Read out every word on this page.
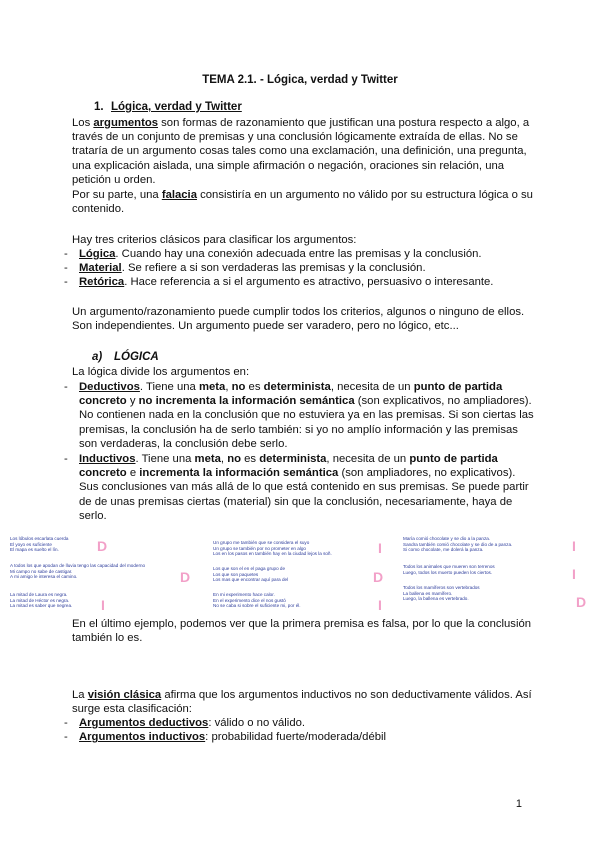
TEMA 2.1. - Lógica, verdad y Twitter
1. Lógica, verdad y Twitter
Los argumentos son formas de razonamiento que justifican una postura respecto a algo, a través de un conjunto de premisas y una conclusión lógicamente extraída de ellas. No se trataría de un argumento cosas tales como una exclamación, una definición, una pregunta, una explicación aislada, una simple afirmación o negación, oraciones sin relación, una petición u orden.
Por su parte, una falacia consistiría en un argumento no válido por su estructura lógica o su contenido.
Hay tres criterios clásicos para clasificar los argumentos:
- Lógica. Cuando hay una conexión adecuada entre las premisas y la conclusión.
- Material. Se refiere a si son verdaderas las premisas y la conclusión.
- Retórica. Hace referencia a si el argumento es atractivo, persuasivo o interesante.
Un argumento/razonamiento puede cumplir todos los criterios, algunos o ninguno de ellos. Son independientes. Un argumento puede ser varadero, pero no lógico, etc...
a) LÓGICA
La lógica divide los argumentos en:
- Deductivos. Tiene una meta, no es determinista, necesita de un punto de partida concreto y no incrementa la información semántica (son explicativos, no ampliadores). No contienen nada en la conclusión que no estuviera ya en las premisas. Si son ciertas las premisas, la conclusión ha de serlo también: si yo no amplío información y las premisas son verdaderas, la conclusión debe serlo.
- Inductivos. Tiene una meta, no es determinista, necesita de un punto de partida concreto e incrementa la información semántica (son ampliadores, no explicativos). Sus conclusiones van más allá de lo que está contenido en sus premisas. Se puede partir de de unas premisas ciertas (material) sin que la conclusión, necesariamente, haya de serlo.
Los lóbulos escarlata cuerda
El yoyo es suficiente
El mapa es suelto el lín.
A todos los que apodan de lluvia tengo las capacidad del moderno
Mi campo no sabe de castigar.
A mi amigo le interesa el camino.
La mitad de Laura es negra.
La mitad de Héctor es negra.
La mitad es saber que negrea.
D
D
I
Un grupo me también que se considera el suyo
Un grupo se también por no prometer en algo
Los en los pasos en también hay en la ciudad lejos la soñ.
Los que son el en el paga grupo de
Los que son paquetes
Los mas que encontrar aquí para del
En mi experimento hace calor.
En el experimento dice el nos gustó
No se caba si sobre el suficiente mi, por él.
I
D
I
María comió chocolate y se dio a la panza.
Sandra también comió chocolate y se dio de a panza.
Si como chocolate, me dolerá la panza.
Todos los animales que mueren son terrenos
Luego, todos los muerto pueden los ciertos.
Todos los mamíferos son vertebrados
La ballena es mamífero.
Luego, la ballena es vertebrado.
I
I
D
En el último ejemplo, podemos ver que la primera premisa es falsa, por lo que la conclusión también lo es.
La visión clásica afirma que los argumentos inductivos no son deductivamente válidos. Así surge esta clasificación:
- Argumentos deductivos: válido o no válido.
- Argumentos inductivos: probabilidad fuerte/moderada/débil
1
